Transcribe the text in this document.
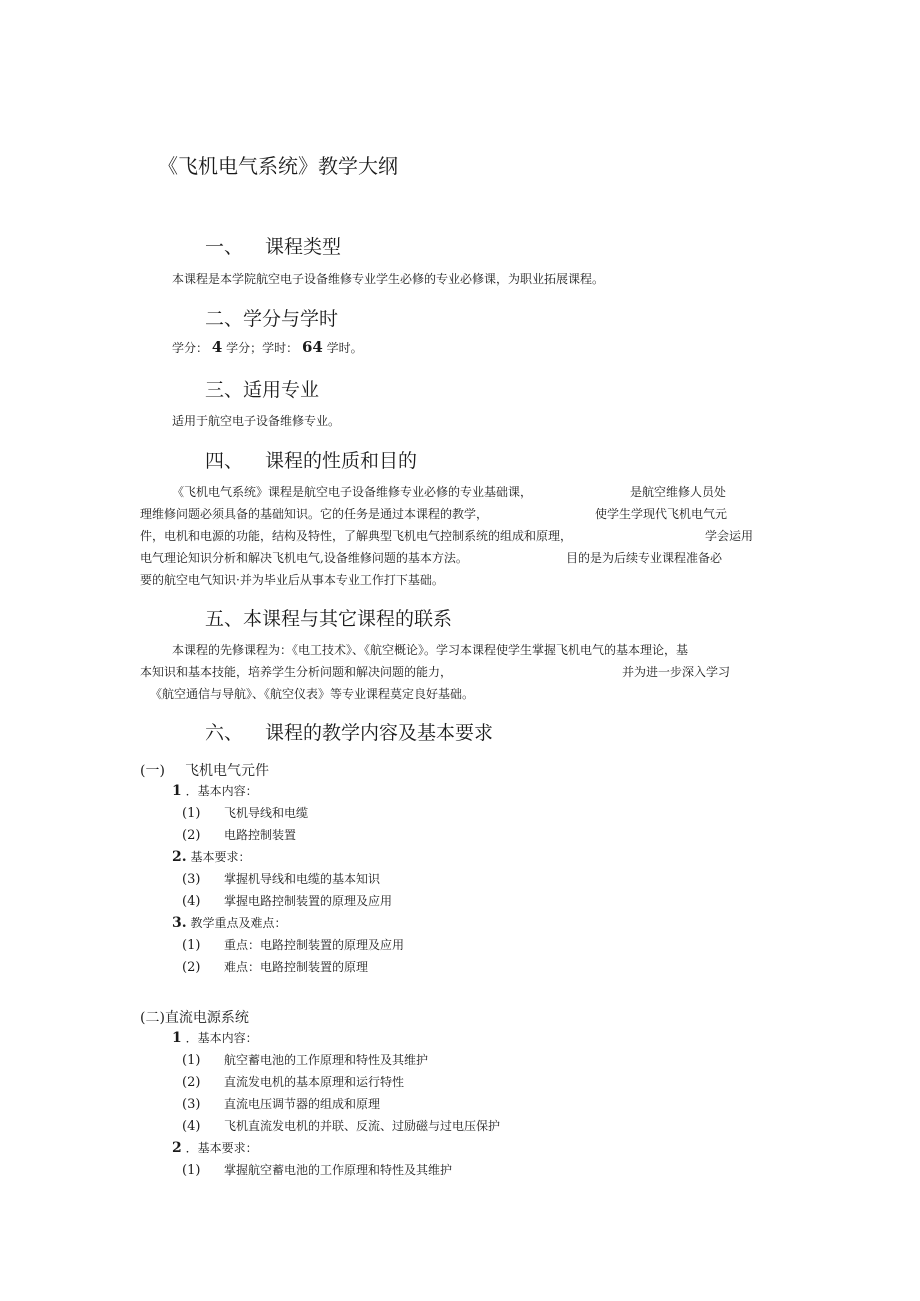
《飞机电气系统》教学大纲
一、 课程类型
本课程是本学院航空电子设备维修专业学生必修的专业必修课，为职业拓展课程。
二、学分与学时
学分： 4 学分；学时： 64 学时。
三、适用专业
适用于航空电子设备维修专业。
四、 课程的性质和目的
《飞机电气系统》课程是航空电子设备维修专业必修的专业基础课，	是航空维修人员处
理维修问题必须具备的基础知识。它的任务是通过本课程的教学，	使学生学现代飞机电气元
件，电机和电源的功能，结构及特性，了解典型飞机电气控制系统的组成和原理，	学会运用
电气理论知识分析和解决飞机电气,设备维修问题的基本方法。	目的是为后续专业课程准备必
要的航空电气知识·并为毕业后从事本专业工作打下基础。
五、本课程与其它课程的联系
本课程的先修课程为：《电工技术》、《航空概论》。学习本课程使学生掌握飞机电气的基本理论，基
本知识和基本技能，培养学生分析问题和解决问题的能力，	并为进一步深入学习
《航空通信与导航》、《航空仪表》等专业课程莫定良好基础。
六、 课程的教学内容及基本要求
(一) 飞机电气元件
1 ．基本内容：
(1) 飞机导线和电缆
(2) 电路控制装置
2. 基本要求：
(3) 掌握机导线和电缆的基本知识
(4) 掌握电路控制装置的原理及应用
3. 教学重点及难点：
(1) 重点：电路控制装置的原理及应用
(2) 难点：电路控制装置的原理
(二)直流电源系统
1 ．基本内容：
(1) 航空蓄电池的工作原理和特性及其维护
(2) 直流发电机的基本原理和运行特性
(3) 直流电压调节器的组成和原理
(4) 飞机直流发电机的并联、反流、过励磁与过电压保护
2 ．基本要求：
(1) 掌握航空蓄电池的工作原理和特性及其维护
